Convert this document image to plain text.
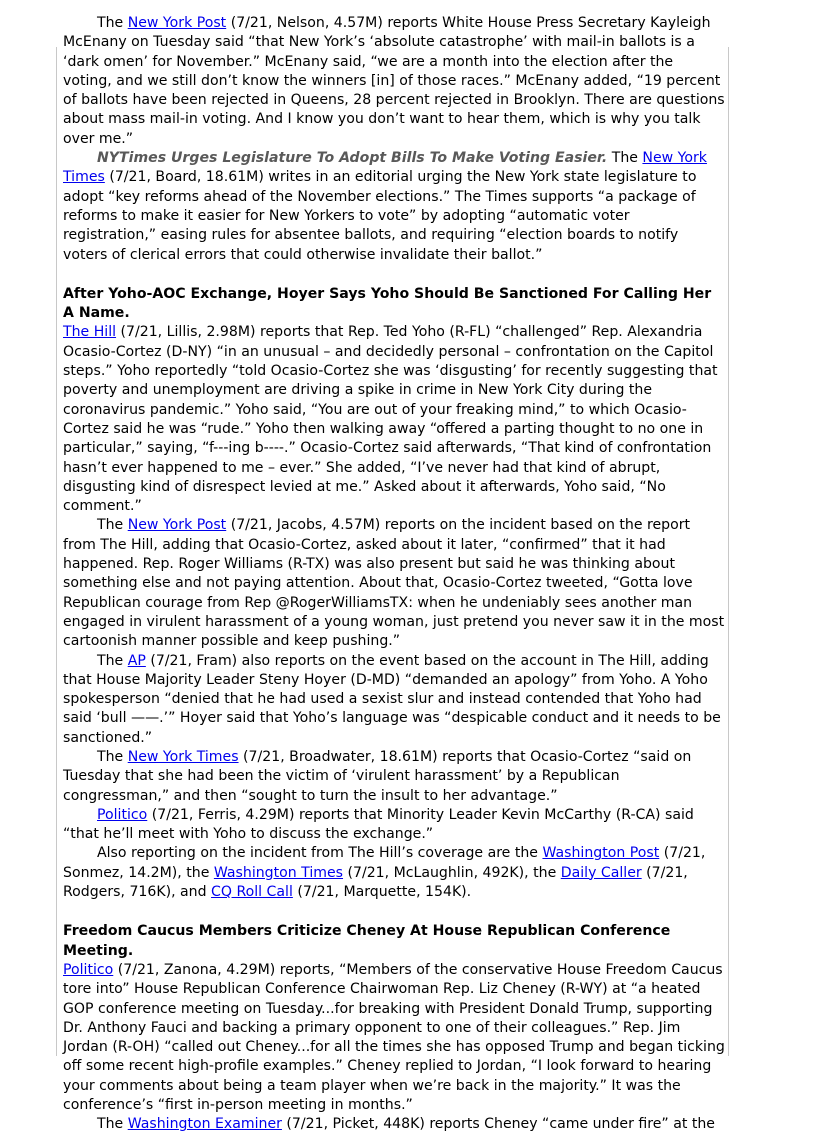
The New York Post (7/21, Nelson, 4.57M) reports White House Press Secretary Kayleigh McEnany on Tuesday said “that New York’s ‘absolute catastrophe’ with mail-in ballots is a ‘dark omen’ for November.” McEnany said, “we are a month into the election after the voting, and we still don’t know the winners [in] of those races.” McEnany added, “19 percent of ballots have been rejected in Queens, 28 percent rejected in Brooklyn. There are questions about mass mail-in voting. And I know you don’t want to hear them, which is why you talk over me.”

NYTimes Urges Legislature To Adopt Bills To Make Voting Easier. The New York Times (7/21, Board, 18.61M) writes in an editorial urging the New York state legislature to adopt “key reforms ahead of the November elections.” The Times supports “a package of reforms to make it easier for New Yorkers to vote” by adopting “automatic voter registration,” easing rules for absentee ballots, and requiring “election boards to notify voters of clerical errors that could otherwise invalidate their ballot.”

After Yoho-AOC Exchange, Hoyer Says Yoho Should Be Sanctioned For Calling Her A Name.

The Hill (7/21, Lillis, 2.98M) reports that Rep. Ted Yoho (R-FL) “challenged” Rep. Alexandria Ocasio-Cortez (D-NY) “in an unusual – and decidedly personal – confrontation on the Capitol steps.” Yoho reportedly “told Ocasio-Cortez she was ‘disgusting’ for recently suggesting that poverty and unemployment are driving a spike in crime in New York City during the coronavirus pandemic.” Yoho said, “You are out of your freaking mind,” to which Ocasio-Cortez said he was “rude.” Yoho then walking away “offered a parting thought to no one in particular,” saying, “f---ing b----.” Ocasio-Cortez said afterwards, “That kind of confrontation hasn’t ever happened to me – ever.” She added, “I’ve never had that kind of abrupt, disgusting kind of disrespect levied at me.” Asked about it afterwards, Yoho said, “No comment.”

The New York Post (7/21, Jacobs, 4.57M) reports on the incident based on the report from The Hill, adding that Ocasio-Cortez, asked about it later, “confirmed” that it had happened. Rep. Roger Williams (R-TX) was also present but said he was thinking about something else and not paying attention. About that, Ocasio-Cortez tweeted, “Gotta love Republican courage from Rep @RogerWilliamsTX: when he undeniably sees another man engaged in virulent harassment of a young woman, just pretend you never saw it in the most cartoonish manner possible and keep pushing.”

The AP (7/21, Fram) also reports on the event based on the account in The Hill, adding that House Majority Leader Steny Hoyer (D-MD) “demanded an apology” from Yoho. A Yoho spokesperson “denied that he had used a sexist slur and instead contended that Yoho had said ‘bull ——.’” Hoyer said that Yoho’s language was “despicable conduct and it needs to be sanctioned.”

The New York Times (7/21, Broadwater, 18.61M) reports that Ocasio-Cortez “said on Tuesday that she had been the victim of ‘virulent harassment’ by a Republican congressman,” and then “sought to turn the insult to her advantage.”

Politico (7/21, Ferris, 4.29M) reports that Minority Leader Kevin McCarthy (R-CA) said “that he’ll meet with Yoho to discuss the exchange.”

Also reporting on the incident from The Hill’s coverage are the Washington Post (7/21, Sonmez, 14.2M), the Washington Times (7/21, McLaughlin, 492K), the Daily Caller (7/21, Rodgers, 716K), and CQ Roll Call (7/21, Marquette, 154K).

Freedom Caucus Members Criticize Cheney At House Republican Conference Meeting.

Politico (7/21, Zanona, 4.29M) reports, “Members of the conservative House Freedom Caucus tore into” House Republican Conference Chairwoman Rep. Liz Cheney (R-WY) at “a heated GOP conference meeting on Tuesday...for breaking with President Donald Trump, supporting Dr. Anthony Fauci and backing a primary opponent to one of their colleagues.” Rep. Jim Jordan (R-OH) “called out Cheney...for all the times she has opposed Trump and began ticking off some recent high-profile examples.” Cheney replied to Jordan, “I look forward to hearing your comments about being a team player when we’re back in the majority.” It was the conference’s “first in-person meeting in months.”

The Washington Examiner (7/21, Picket, 448K) reports Cheney “came under fire” at the
